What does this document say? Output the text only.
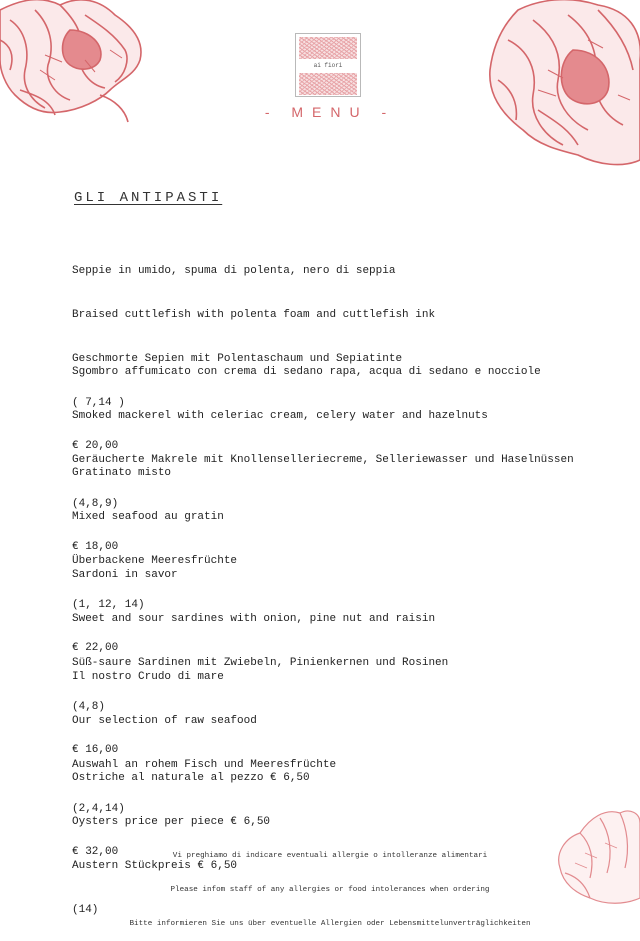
ai fiori
- MENU -
GLI ANTIPASTI

Seppie in umido, spuma di polenta, nero di seppia

Braised cuttlefish with polenta foam and cuttlefish ink

Geschmorte Sepien mit Polentaschaum und Sepiatinte

( 7,14 )

€ 20,00

Sgombro affumicato con crema di sedano rapa, acqua di sedano e nocciole

Smoked mackerel with celeriac cream, celery water and hazelnuts

Geräucherte Makrele mit Knollenselleriecreme, Selleriewasser und Haselnüssen

(4,8,9)

€ 18,00

Gratinato misto

Mixed seafood au gratin

Überbackene Meeresfrüchte

(1, 12, 14)

€ 22,00

Sardoni in savor

Sweet and sour sardines with onion, pine nut and raisin

Süß-saure Sardinen mit Zwiebeln, Pinienkernen und Rosinen

(4,8)

€ 16,00

Il nostro Crudo di mare

Our selection of raw seafood

Auswahl an rohem Fisch und Meeresfrüchte

(2,4,14)

€ 32,00

Ostriche al naturale al pezzo € 6,50

Oysters price per piece € 6,50

Austern Stückpreis € 6,50

(14)

Vi preghiamo di indicare eventuali allergie o intolleranze alimentari

Please infom staff of any allergies or food intolerances when ordering

Bitte informieren Sie uns über eventuelle Allergien oder Lebensmittelunverträglichkeiten
